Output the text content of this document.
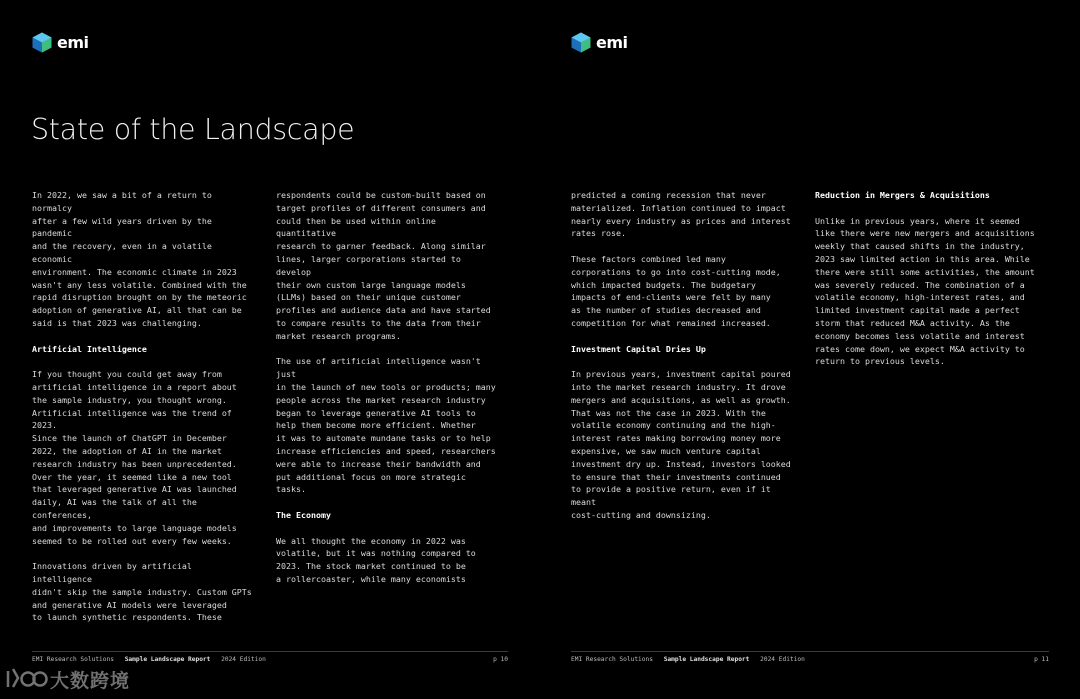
emi
State of the Landscape

In 2022, we saw a bit of a return to normalcy
after a few wild years driven by the pandemic
and the recovery, even in a volatile economic
environment. The economic climate in 2023
wasn't any less volatile. Combined with the
rapid disruption brought on by the meteoric
adoption of generative AI, all that can be
said is that 2023 was challenging.

Artificial Intelligence

If you thought you could get away from
artificial intelligence in a report about
the sample industry, you thought wrong.
Artificial intelligence was the trend of 2023.
Since the launch of ChatGPT in December
2022, the adoption of AI in the market
research industry has been unprecedented.
Over the year, it seemed like a new tool
that leveraged generative AI was launched
daily, AI was the talk of all the conferences,
and improvements to large language models
seemed to be rolled out every few weeks.

Innovations driven by artificial intelligence
didn't skip the sample industry. Custom GPTs
and generative AI models were leveraged
to launch synthetic respondents. These

respondents could be custom-built based on
target profiles of different consumers and
could then be used within online quantitative
research to garner feedback. Along similar
lines, larger corporations started to develop
their own custom large language models
(LLMs) based on their unique customer
profiles and audience data and have started
to compare results to the data from their
market research programs.

The use of artificial intelligence wasn't just
in the launch of new tools or products; many
people across the market research industry
began to leverage generative AI tools to
help them become more efficient. Whether
it was to automate mundane tasks or to help
increase efficiencies and speed, researchers
were able to increase their bandwidth and
put additional focus on more strategic tasks.

The Economy

We all thought the economy in 2022 was
volatile, but it was nothing compared to
2023. The stock market continued to be
a rollercoaster, while many economists

EMI Research Solutions Sample Landscape Report 2024 Edition	p 10
emi

predicted a coming recession that never
materialized. Inflation continued to impact
nearly every industry as prices and interest
rates rose.

These factors combined led many
corporations to go into cost-cutting mode,
which impacted budgets. The budgetary
impacts of end-clients were felt by many
as the number of studies decreased and
competition for what remained increased.

Investment Capital Dries Up

In previous years, investment capital poured
into the market research industry. It drove
mergers and acquisitions, as well as growth.
That was not the case in 2023. With the
volatile economy continuing and the high-
interest rates making borrowing money more
expensive, we saw much venture capital
investment dry up. Instead, investors looked
to ensure that their investments continued
to provide a positive return, even if it meant
cost-cutting and downsizing.

Reduction in Mergers & Acquisitions

Unlike in previous years, where it seemed
like there were new mergers and acquisitions
weekly that caused shifts in the industry,
2023 saw limited action in this area. While
there were still some activities, the amount
was severely reduced. The combination of a
volatile economy, high-interest rates, and
limited investment capital made a perfect
storm that reduced M&A activity. As the
economy becomes less volatile and interest
rates come down, we expect M&A activity to
return to previous levels.

EMI Research Solutions Sample Landscape Report 2024 Edition	p 11
大数跨境
